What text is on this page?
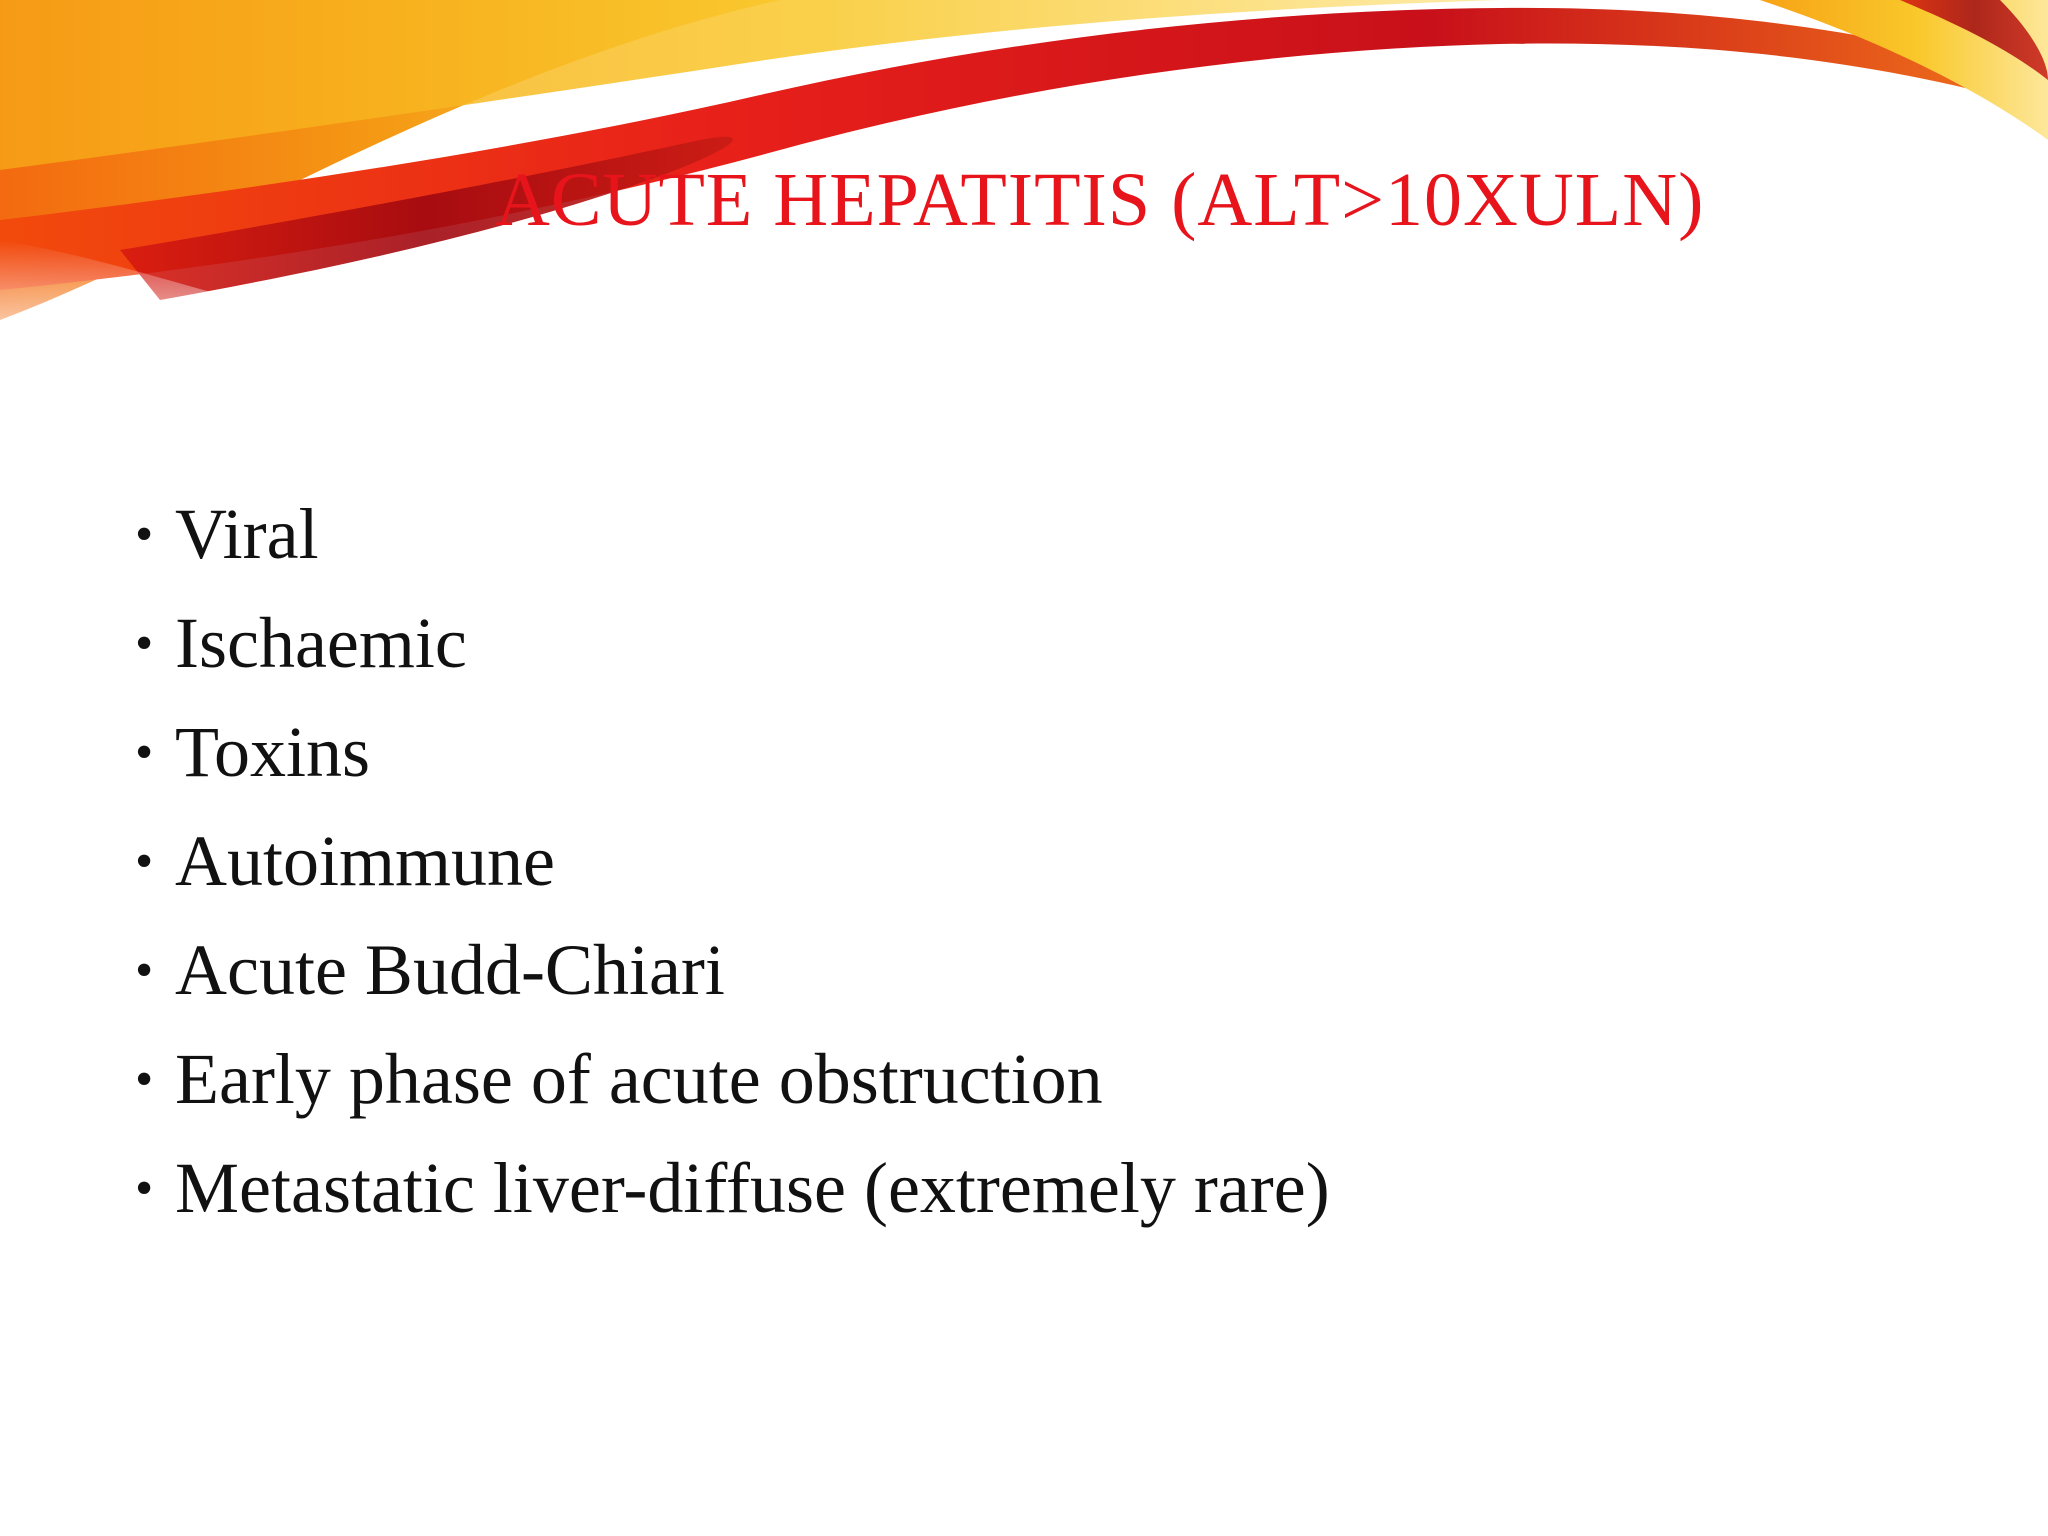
ACUTE HEPATITIS (ALT>10XULN)
• Viral
• Ischaemic
• Toxins
• Autoimmune
• Acute Budd-Chiari
• Early phase of acute obstruction
• Metastatic liver-diffuse (extremely rare)
